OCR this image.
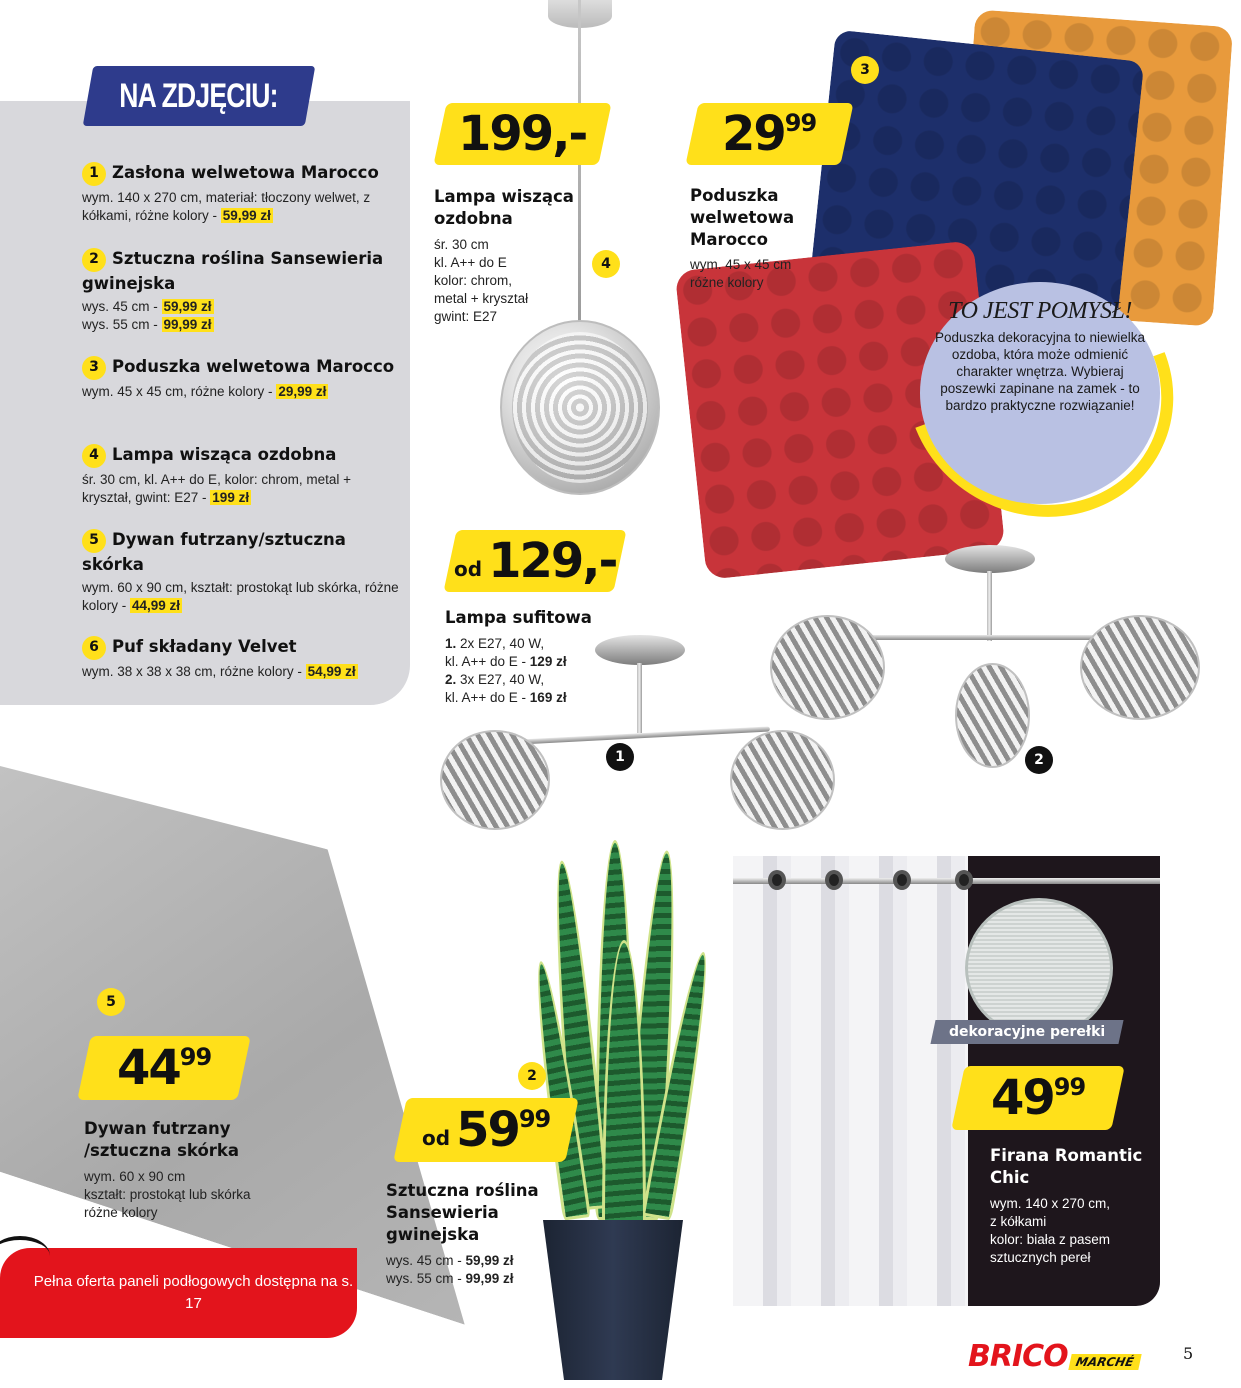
NA ZDJĘCIU:
1 Zasłona welwetowa Marocco
wym. 140 x 270 cm, materiał: tłoczony welwet, z kółkami, różne kolory - 59,99 zł
2 Sztuczna roślina Sansewieria gwinejska
wys. 45 cm - 59,99 zł
wys. 55 cm - 99,99 zł
3 Poduszka welwetowa Marocco
wym. 45 x 45 cm, różne kolory - 29,99 zł
4 Lampa wisząca ozdobna
śr. 30 cm, kl. A++ do E, kolor: chrom, metal + kryształ, gwint: E27 - 199 zł
5 Dywan futrzany/sztuczna skórka
wym. 60 x 90 cm, kształt: prostokąt lub skórka, różne kolory - 44,99 zł
6 Puf składany Velvet
wym. 38 x 38 x 38 cm, różne kolory - 54,99 zł
4
199,-
Lampa wisząca ozdobna
śr. 30 cm
kl. A++ do E
kolor: chrom,
metal + kryształ
gwint: E27
3
29 99
Poduszka welwetowa Marocco
wym. 45 x 45 cm
różne kolory
TO JEST POMYSŁ!
Poduszka dekoracyjna to niewielka ozdoba, która może odmienić charakter wnętrza. Wybieraj poszewki zapinane na zamek - to bardzo praktyczne rozwiązanie!
od 129,-
Lampa sufitowa
1. 2x E27, 40 W,
kl. A++ do E - 129 zł
2. 3x E27, 40 W,
kl. A++ do E - 169 zł
1	2
5
44 99
Dywan futrzany /sztuczna skórka
wym. 60 x 90 cm
kształt: prostokąt lub skórka
różne kolory
2
od 59 99
Sztuczna roślina Sansewieria gwinejska
wys. 45 cm - 59,99 zł
wys. 55 cm - 99,99 zł
dekoracyjne perełki
49 99
Firana Romantic Chic
wym. 140 x 270 cm,
z kółkami
kolor: biała z pasem
sztucznych pereł
Pełna oferta paneli podłogowych dostępna na s. 17
BRICO MARCHÉ	5
